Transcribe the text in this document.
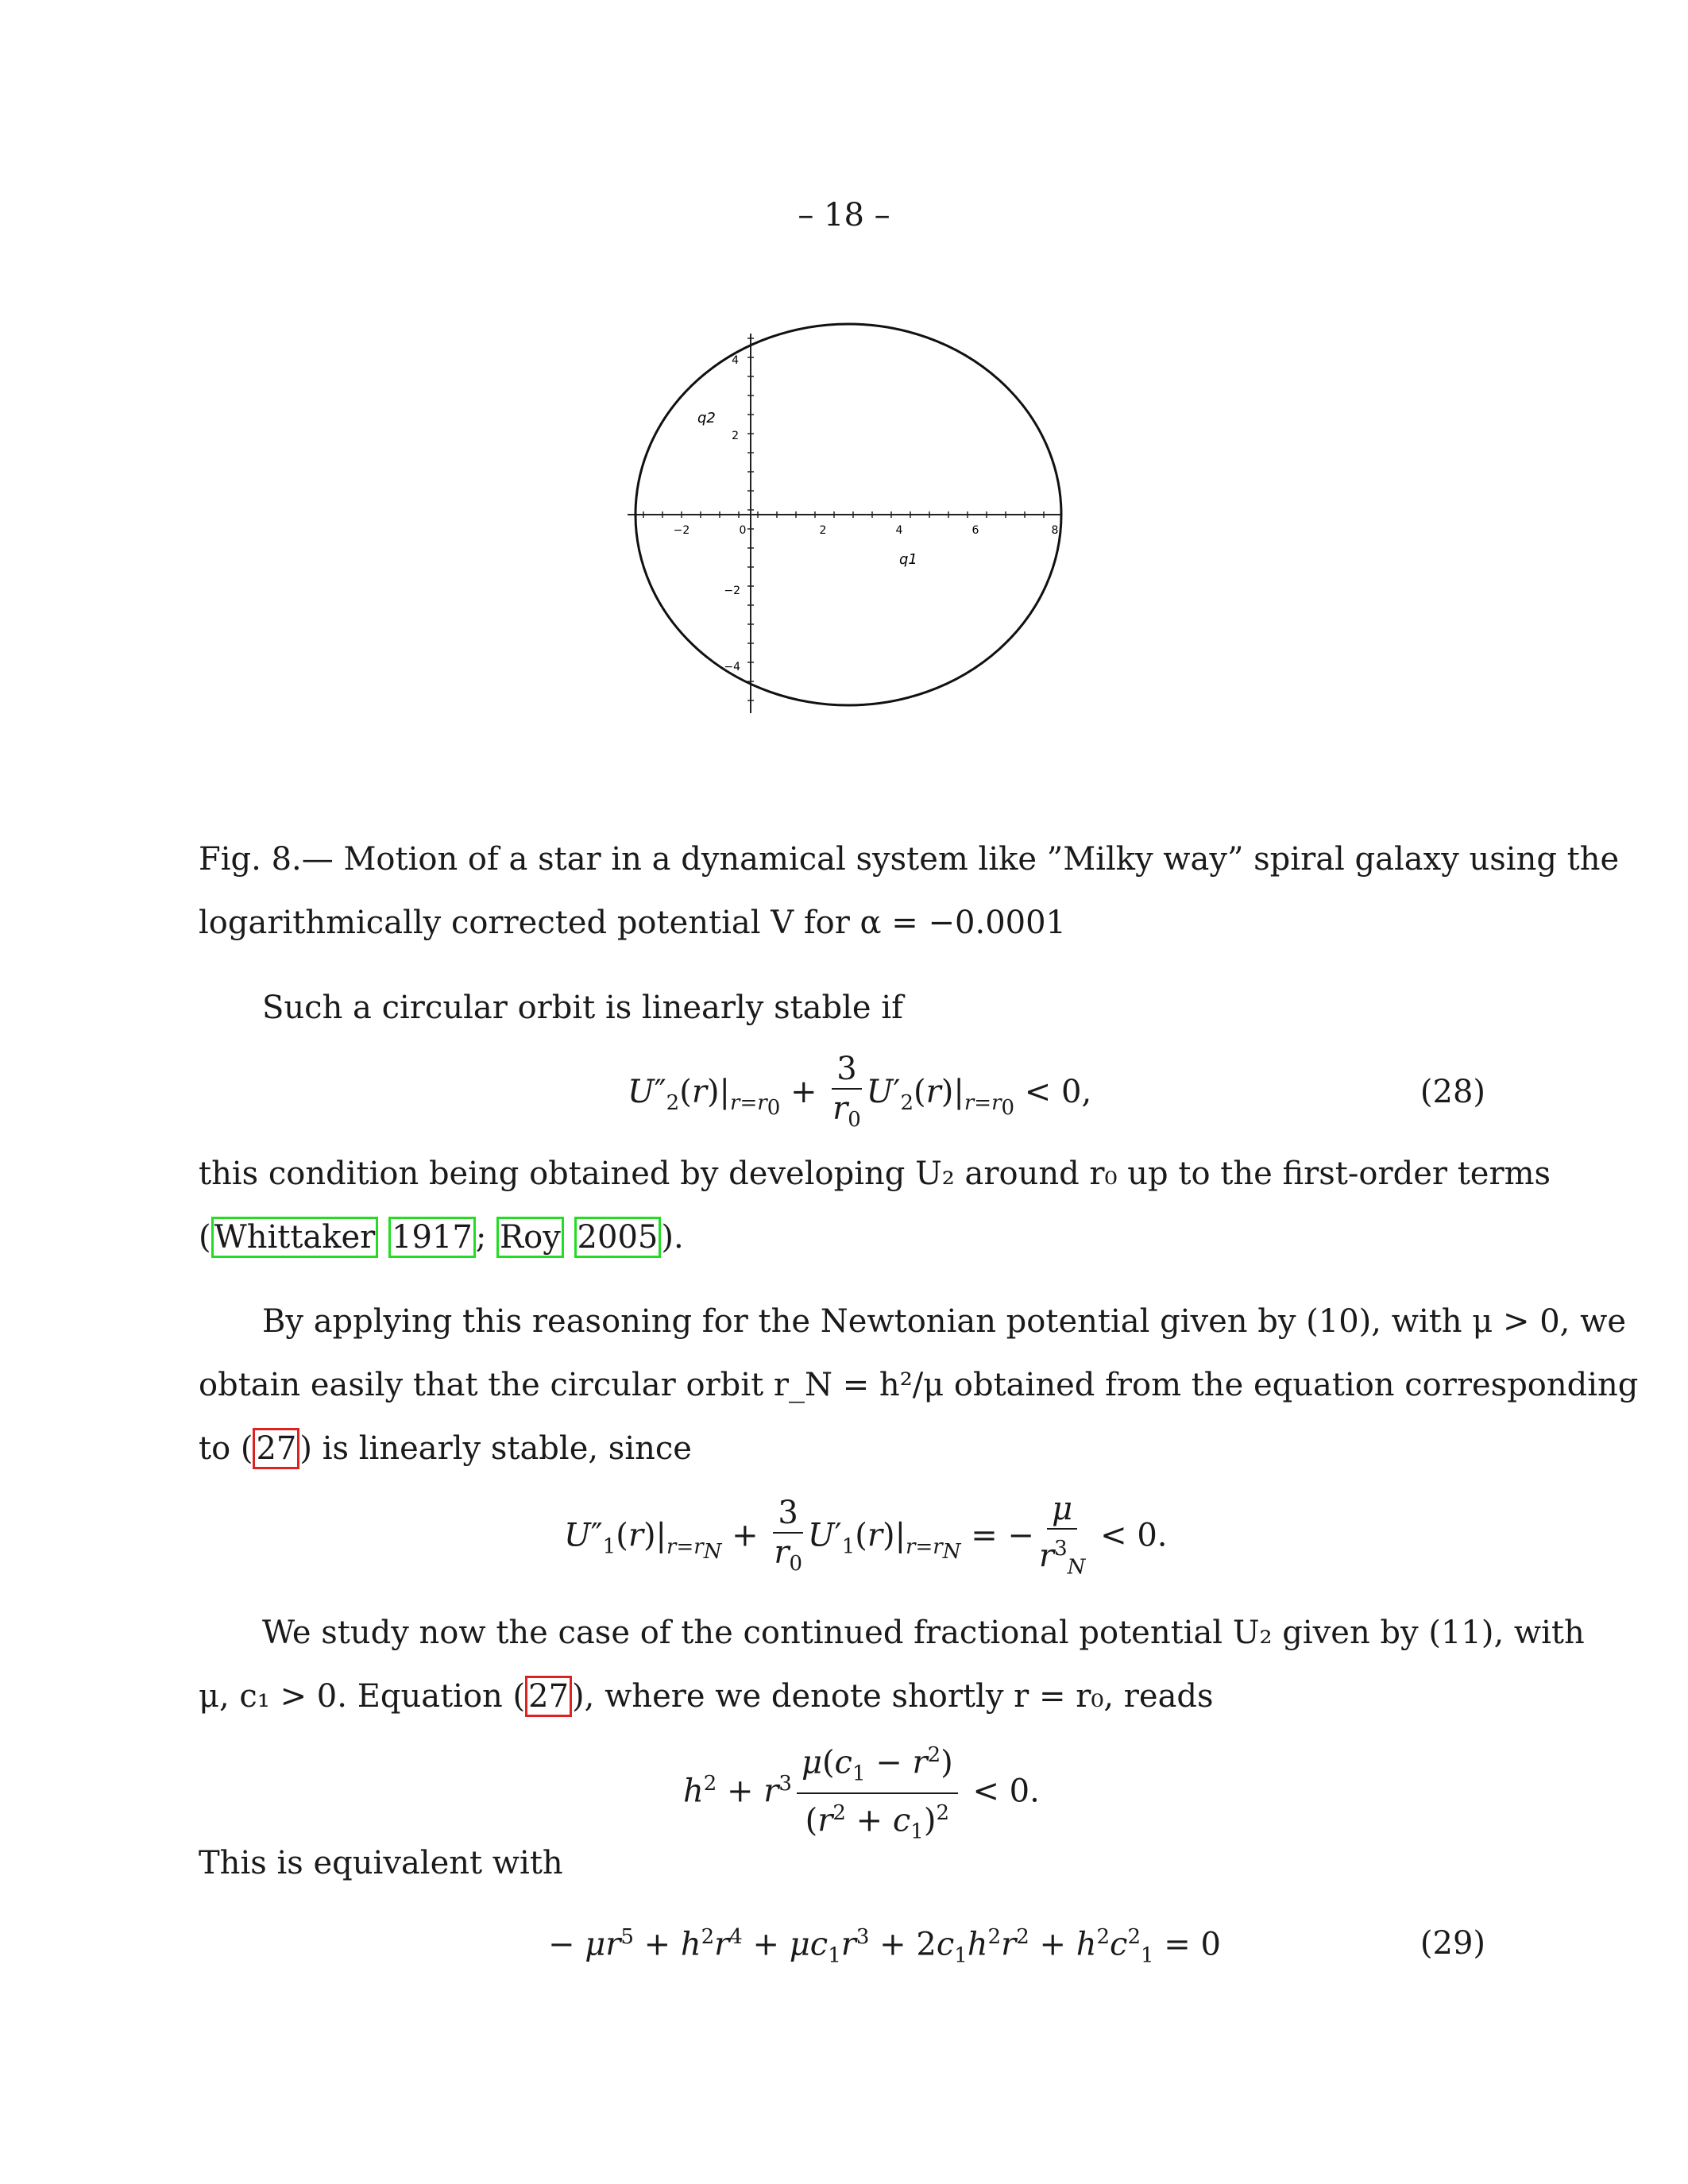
– 18 –
−2	0	2	4	6	8
4
2
−2
−4
q1
q2
Fig. 8.— Motion of a star in a dynamical system like ”Milky way” spiral galaxy using the
logarithmically corrected potential V for α = −0.0001
Such a circular orbit is linearly stable if
$U''_2(r)|_{r=r_0} + \frac{3}{r_0} U'_2(r)|_{r=r_0} < 0$,	(28)
this condition being obtained by developing U₂ around r₀ up to the first-order terms
( Whittaker 1917 ; Roy 2005 ).
By applying this reasoning for the Newtonian potential given by (10), with μ > 0, we
obtain easily that the circular orbit r_N = h²/μ obtained from the equation corresponding
to ( 27 ) is linearly stable, since
$U''_1(r)|_{r=r_N} + \frac{3}{r_0} U'_1(r)|_{r=r_N}$ = − $\frac{\mu}{r^3_N} < 0$.
We study now the case of the continued fractional potential U₂ given by (11), with
μ, c₁ > 0. Equation ( 27 ), where we denote shortly r = r₀, reads
$h^2 + r^3 \frac{\mu(c_1 - r^2)}{(r^2 + c_1)^2} < 0$.
This is equivalent with
− $\mu r^5 + h^2r^4 + \mu c_1r^3 + 2c_1h^2r^2 + h^2c^2_1 = 0$	(29)
